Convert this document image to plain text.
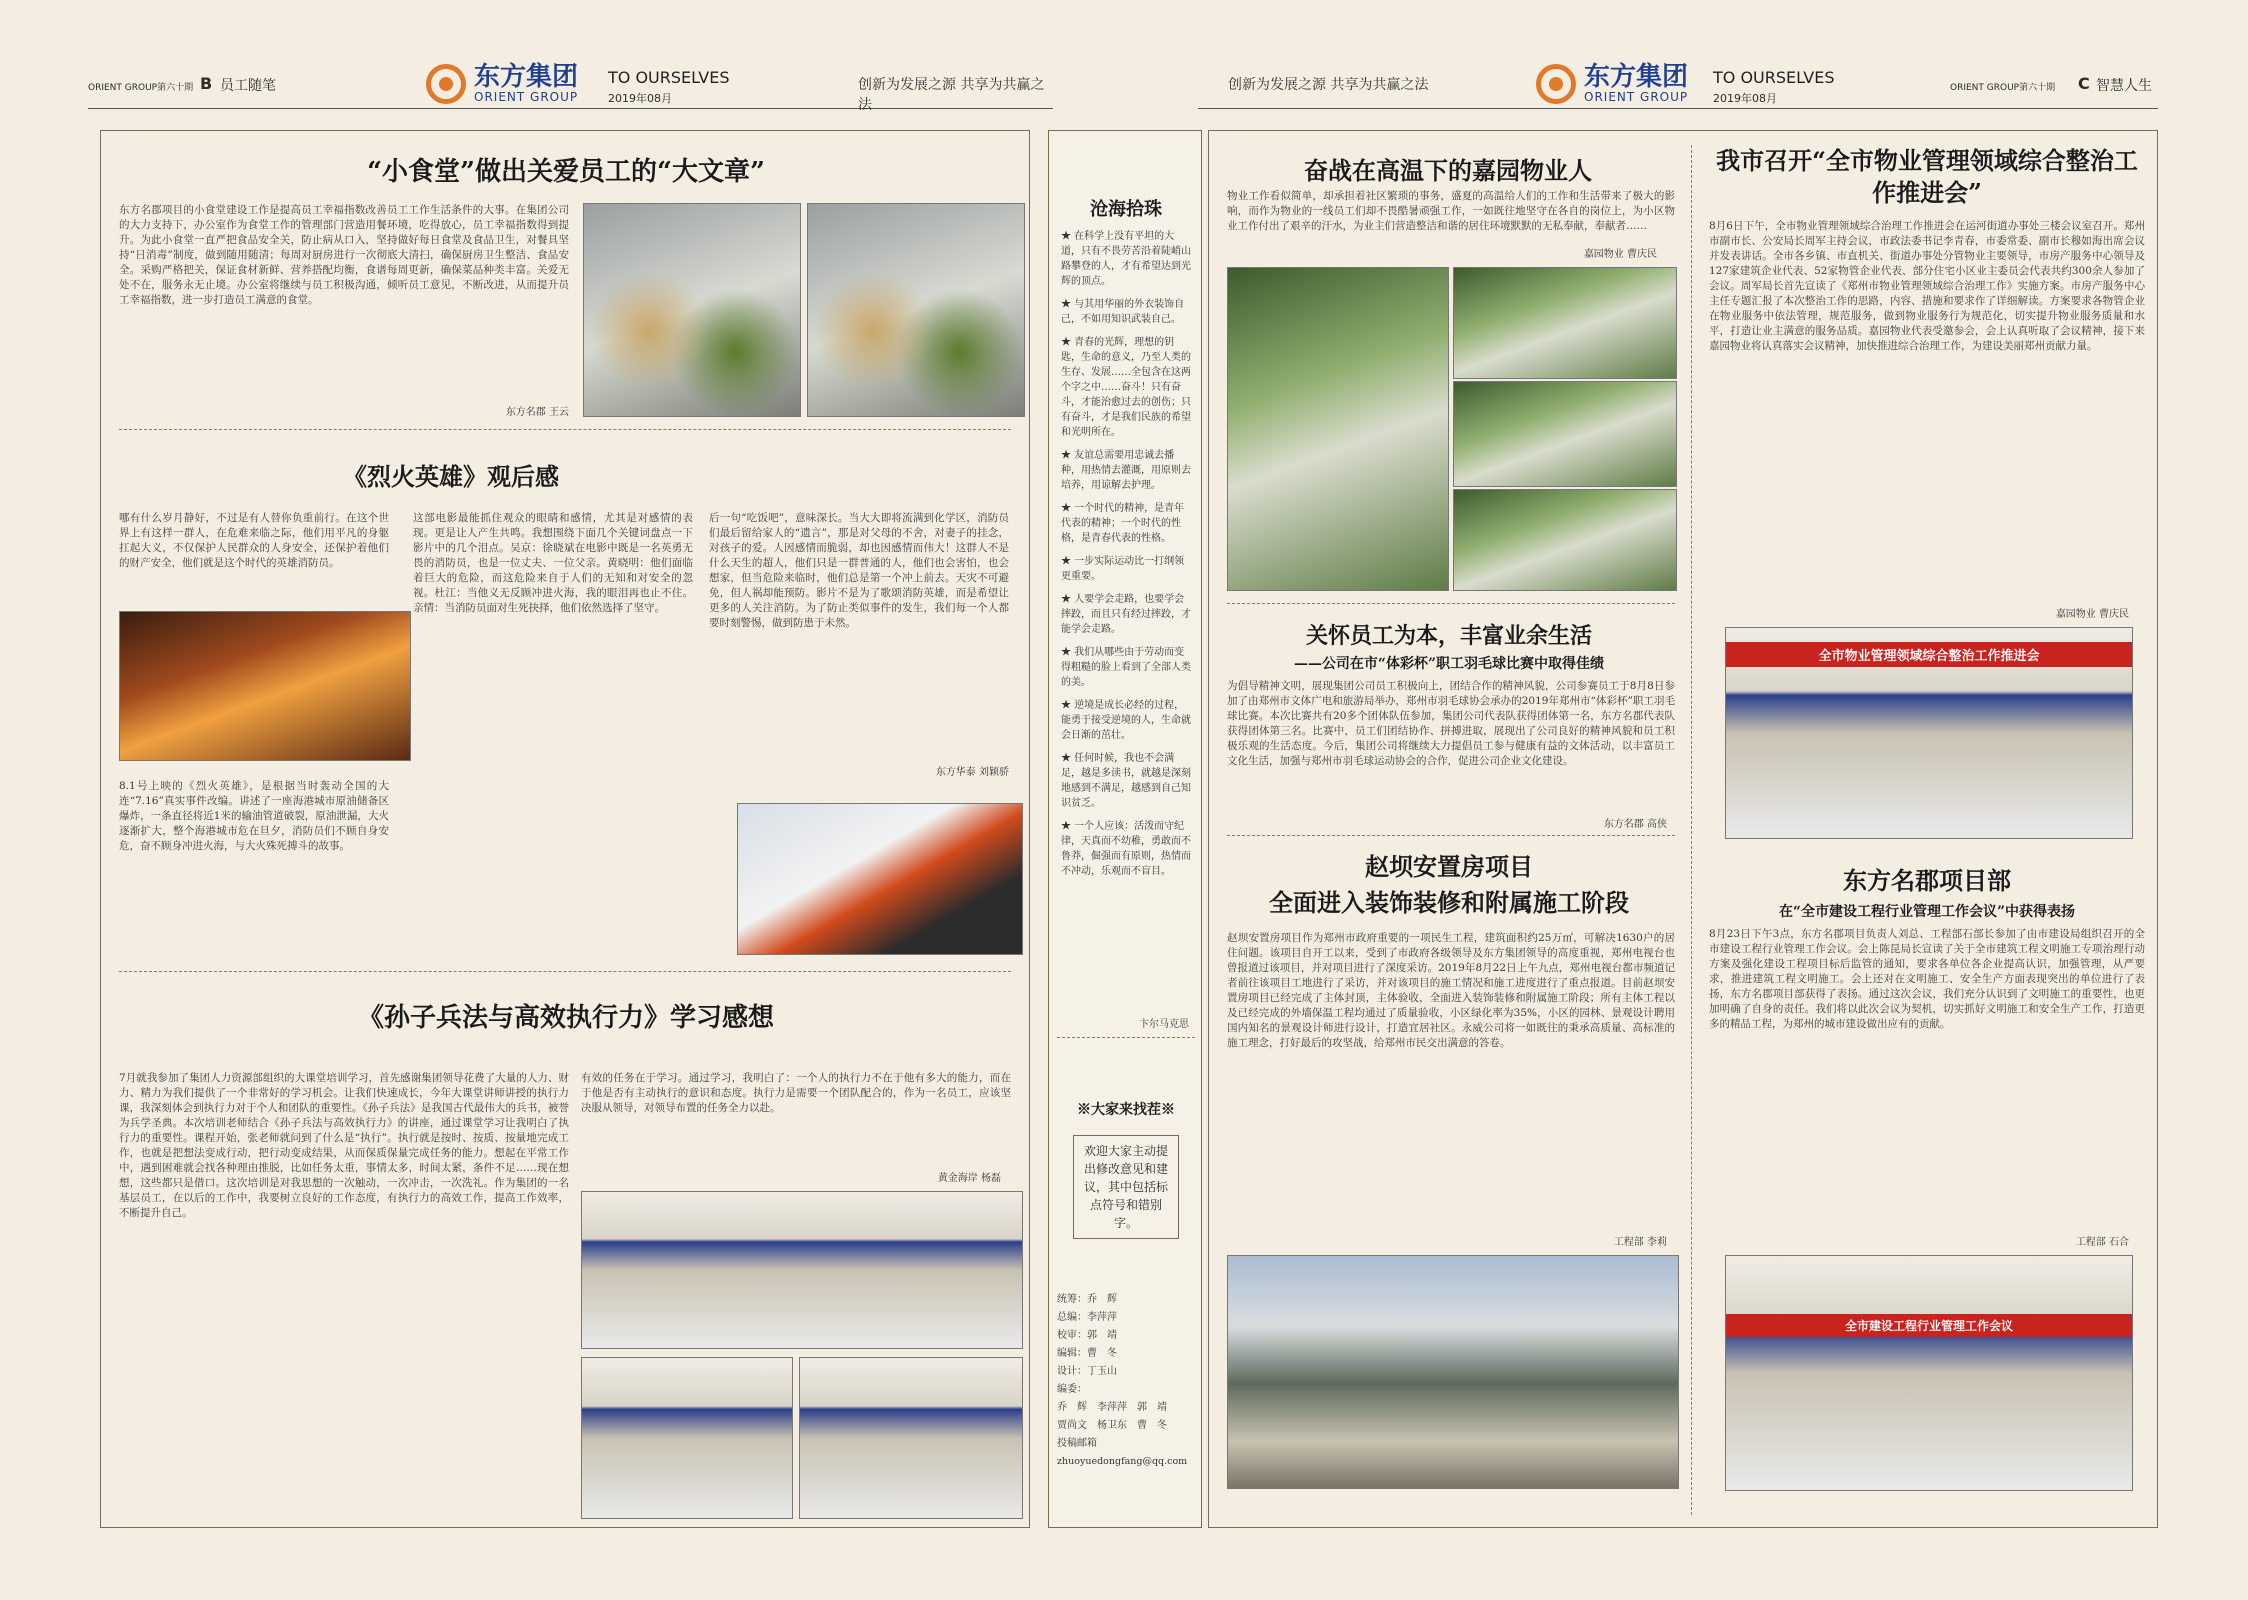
ORIENT GROUP第六十期 B 员工随笔	东方集团
ORIENT GROUP
TO OURSELVES
2019年08月
创新为发展之源 共享为共赢之法
创新为发展之源 共享为共赢之法	东方集团
ORIENT GROUP
TO OURSELVES
2019年08月
ORIENT GROUP第六十期 C 智慧人生
“小食堂”做出关爱员工的“大文章”
东方名郡项目的小食堂建设工作是提高员工幸福指数改善员工工作生活条件的大事。在集团公司的大力支持下，办公室作为食堂工作的管理部门营造用餐环境，吃得放心，员工幸福指数得到提升。为此小食堂一直严把食品安全关，防止病从口入，坚持做好每日食堂及食品卫生，对餐具坚持“日消毒”制度，做到随用随清；每周对厨房进行一次彻底大清扫，确保厨房卫生整洁、食品安全。采购严格把关，保证食材新鲜、营养搭配均衡，食谱每周更新，确保菜品种类丰富。关爱无处不在，服务永无止境。办公室将继续与员工积极沟通，倾听员工意见，不断改进，从而提升员工幸福指数，进一步打造员工满意的食堂。
东方名郡 王云
《烈火英雄》观后感
哪有什么岁月静好，不过是有人替你负重前行。在这个世界上有这样一群人，在危难来临之际，他们用平凡的身躯扛起大义，不仅保护人民群众的人身安全，还保护着他们的财产安全，他们就是这个时代的英雄消防员。
8.1号上映的《烈火英雄》，是根据当时轰动全国的大连“7.16”真实事件改编。讲述了一座海港城市原油储备区爆炸，一条直径将近1米的输油管道破裂，原油泄漏，大火逐渐扩大，整个海港城市危在旦夕，消防员们不顾自身安危，奋不顾身冲进火海，与大火殊死搏斗的故事。
这部电影最能抓住观众的眼睛和感情，尤其是对感情的表现。更是让人产生共鸣。我想围绕下面几个关键词盘点一下影片中的几个泪点。吴京：徐晓斌在电影中既是一名英勇无畏的消防员，也是一位丈夫、一位父亲。黄晓明：他们面临着巨大的危险，而这危险来自于人们的无知和对安全的忽视。杜江：当他义无反顾冲进火海，我的眼泪再也止不住。亲情：当消防员面对生死抉择，他们依然选择了坚守。
后一句“吃饭吧”，意味深长。当大大即将流满到化学区，消防员们最后留给家人的“遗言”，那是对父母的不舍，对妻子的挂念，对孩子的爱。人因感情而脆弱，却也因感情而伟大！这群人不是什么天生的超人，他们只是一群普通的人，他们也会害怕，也会想家，但当危险来临时，他们总是第一个冲上前去。天灾不可避免，但人祸却能预防。影片不是为了歌颂消防英雄，而是希望让更多的人关注消防。为了防止类似事件的发生，我们每一个人都要时刻警惕，做到防患于未然。
东方华泰 刘颖骄
《孙子兵法与高效执行力》学习感想
7月就我参加了集团人力资源部组织的大课堂培训学习，首先感谢集团领导花费了大量的人力、财力、精力为我们提供了一个非常好的学习机会。让我们快速成长，今年大课堂讲师讲授的执行力课，我深刻体会到执行力对于个人和团队的重要性。《孙子兵法》是我国古代最伟大的兵书，被誉为兵学圣典。本次培训老师结合《孙子兵法与高效执行力》的讲座，通过课堂学习让我明白了执行力的重要性。课程开始，张老师就问到了什么是“执行”。执行就是按时、按质、按量地完成工作，也就是把想法变成行动，把行动变成结果，从而保质保量完成任务的能力。想起在平常工作中，遇到困难就会找各种理由推脱，比如任务太重，事情太多，时间太紧，条件不足……现在想想，这些都只是借口。这次培训是对我思想的一次触动，一次冲击，一次洗礼。作为集团的一名基层员工，在以后的工作中，我要树立良好的工作态度，有执行力的高效工作，提高工作效率，不断提升自己。
有效的任务在于学习。通过学习，我明白了：一个人的执行力不在于他有多大的能力，而在于他是否有主动执行的意识和态度。执行力是需要一个团队配合的，作为一名员工，应该坚决服从领导，对领导布置的任务全力以赴。
黄金海岸 杨磊
沧海拾珠

★ 在科学上没有平坦的大道，只有不畏劳苦沿着陡峭山路攀登的人，才有希望达到光辉的顶点。

★ 与其用华丽的外衣装饰自己，不如用知识武装自己。

★ 青春的光辉，理想的钥匙，生命的意义，乃至人类的生存、发展……全包含在这两个字之中……奋斗！只有奋斗，才能治愈过去的创伤；只有奋斗，才是我们民族的希望和光明所在。

★ 友谊总需要用忠诚去播种，用热情去灌溉，用原则去培养，用谅解去护理。

★ 一个时代的精神，是青年代表的精神；一个时代的性格，是青春代表的性格。

★ 一步实际运动比一打纲领更重要。

★ 人要学会走路，也要学会摔跤，而且只有经过摔跤，才能学会走路。

★ 我们从哪些由于劳动而变得粗糙的脸上看到了全部人类的美。

★ 逆境是成长必经的过程，能勇于接受逆境的人，生命就会日渐的茁壮。

★ 任何时候，我也不会满足，越是多读书，就越是深刻地感到不满足，越感到自己知识贫乏。

★ 一个人应该：活泼而守纪律，天真而不幼稚，勇敢而不鲁莽，倔强而有原则，热情而不冲动，乐观而不盲目。

卞尔马克思
※大家来找茬※
欢迎大家主动提出修改意见和建议，其中包括标点符号和错别字。
统筹：乔　辉
总编：李萍萍
校审：郭　靖
编辑：曹　冬
设计：丁玉山
编委：
乔　辉　李萍萍　郭　靖
贾尚文　杨卫东　曹　冬
投稿邮箱
zhuoyuedongfang@qq.com
奋战在高温下的嘉园物业人
物业工作看似简单，却承担着社区繁琐的事务，盛夏的高温给人们的工作和生活带来了极大的影响，而作为物业的一线员工们却不畏酷暑顽强工作，一如既往地坚守在各自的岗位上，为小区物业工作付出了艰辛的汗水，为业主们营造整洁和谐的居住环境默默的无私奉献，奉献者……
嘉园物业 曹庆民
关怀员工为本，丰富业余生活
——公司在市“体彩杯”职工羽毛球比赛中取得佳绩
为倡导精神文明，展现集团公司员工积极向上，团结合作的精神风貌，公司参赛员工于8月8日参加了由郑州市文体广电和旅游局举办，郑州市羽毛球协会承办的2019年郑州市“体彩杯”职工羽毛球比赛。本次比赛共有20多个团体队伍参加，集团公司代表队获得团体第一名，东方名郡代表队获得团体第三名。比赛中，员工们团结协作、拼搏进取，展现出了公司良好的精神风貌和员工积极乐观的生活态度。今后，集团公司将继续大力提倡员工参与健康有益的文体活动，以丰富员工文化生活，加强与郑州市羽毛球运动协会的合作，促进公司企业文化建设。
东方名郡 高侠
赵坝安置房项目
全面进入装饰装修和附属施工阶段
赵坝安置房项目作为郑州市政府重要的一项民生工程，建筑面积约25万㎡，可解决1630户的居住问题。该项目自开工以来，受到了市政府各级领导及东方集团领导的高度重视，郑州电视台也曾报道过该项目，并对项目进行了深度采访。2019年8月22日上午九点，郑州电视台都市频道记者前往该项目工地进行了采访，并对该项目的施工情况和施工进度进行了重点报道。目前赵坝安置房项目已经完成了主体封顶，主体验收，全面进入装饰装修和附属施工阶段；所有主体工程以及已经完成的外墙保温工程均通过了质量验收，小区绿化率为35%，小区的园林、景观设计聘用国内知名的景观设计师进行设计，打造宜居社区。永威公司将一如既往的秉承高质量、高标准的施工理念，打好最后的攻坚战，给郑州市民交出满意的答卷。
工程部 李莉
我市召开“全市物业管理领域综合整治工作推进会”
8月6日下午，全市物业管理领域综合治理工作推进会在运河街道办事处三楼会议室召开。郑州市副市长、公安局长周军主持会议，市政法委书记李青春，市委常委、副市长穆如海出席会议并发表讲话。全市各乡镇、市直机关、街道办事处分管物业主要领导，市房产服务中心领导及127家建筑企业代表、52家物管企业代表、部分住宅小区业主委员会代表共约300余人参加了会议。周军局长首先宣读了《郑州市物业管理领域综合治理工作》实施方案。市房产服务中心主任专题汇报了本次整治工作的思路，内容、措施和要求作了详细解读。方案要求各物管企业在物业服务中依法管理，规范服务，做到物业服务行为规范化，切实提升物业服务质量和水平，打造让业主满意的服务品质。嘉园物业代表受邀参会，会上认真听取了会议精神，接下来嘉园物业将认真落实会议精神，加快推进综合治理工作，为建设美丽郑州贡献力量。
嘉园物业 曹庆民
全市物业管理领域综合整治工作推进会
东方名郡项目部
在“全市建设工程行业管理工作会议”中获得表扬
8月23日下午3点，东方名郡项目负责人刘总、工程部石部长参加了由市建设局组织召开的全市建设工程行业管理工作会议。会上陈昆局长宣读了关于全市建筑工程文明施工专项治理行动方案及强化建设工程项目标后监管的通知，要求各单位各企业提高认识，加强管理，从严要求，推进建筑工程文明施工。会上还对在文明施工、安全生产方面表现突出的单位进行了表扬，东方名郡项目部获得了表扬。通过这次会议，我们充分认识到了文明施工的重要性，也更加明确了自身的责任。我们将以此次会议为契机，切实抓好文明施工和安全生产工作，打造更多的精品工程，为郑州的城市建设做出应有的贡献。
工程部 石合
全市建设工程行业管理工作会议
